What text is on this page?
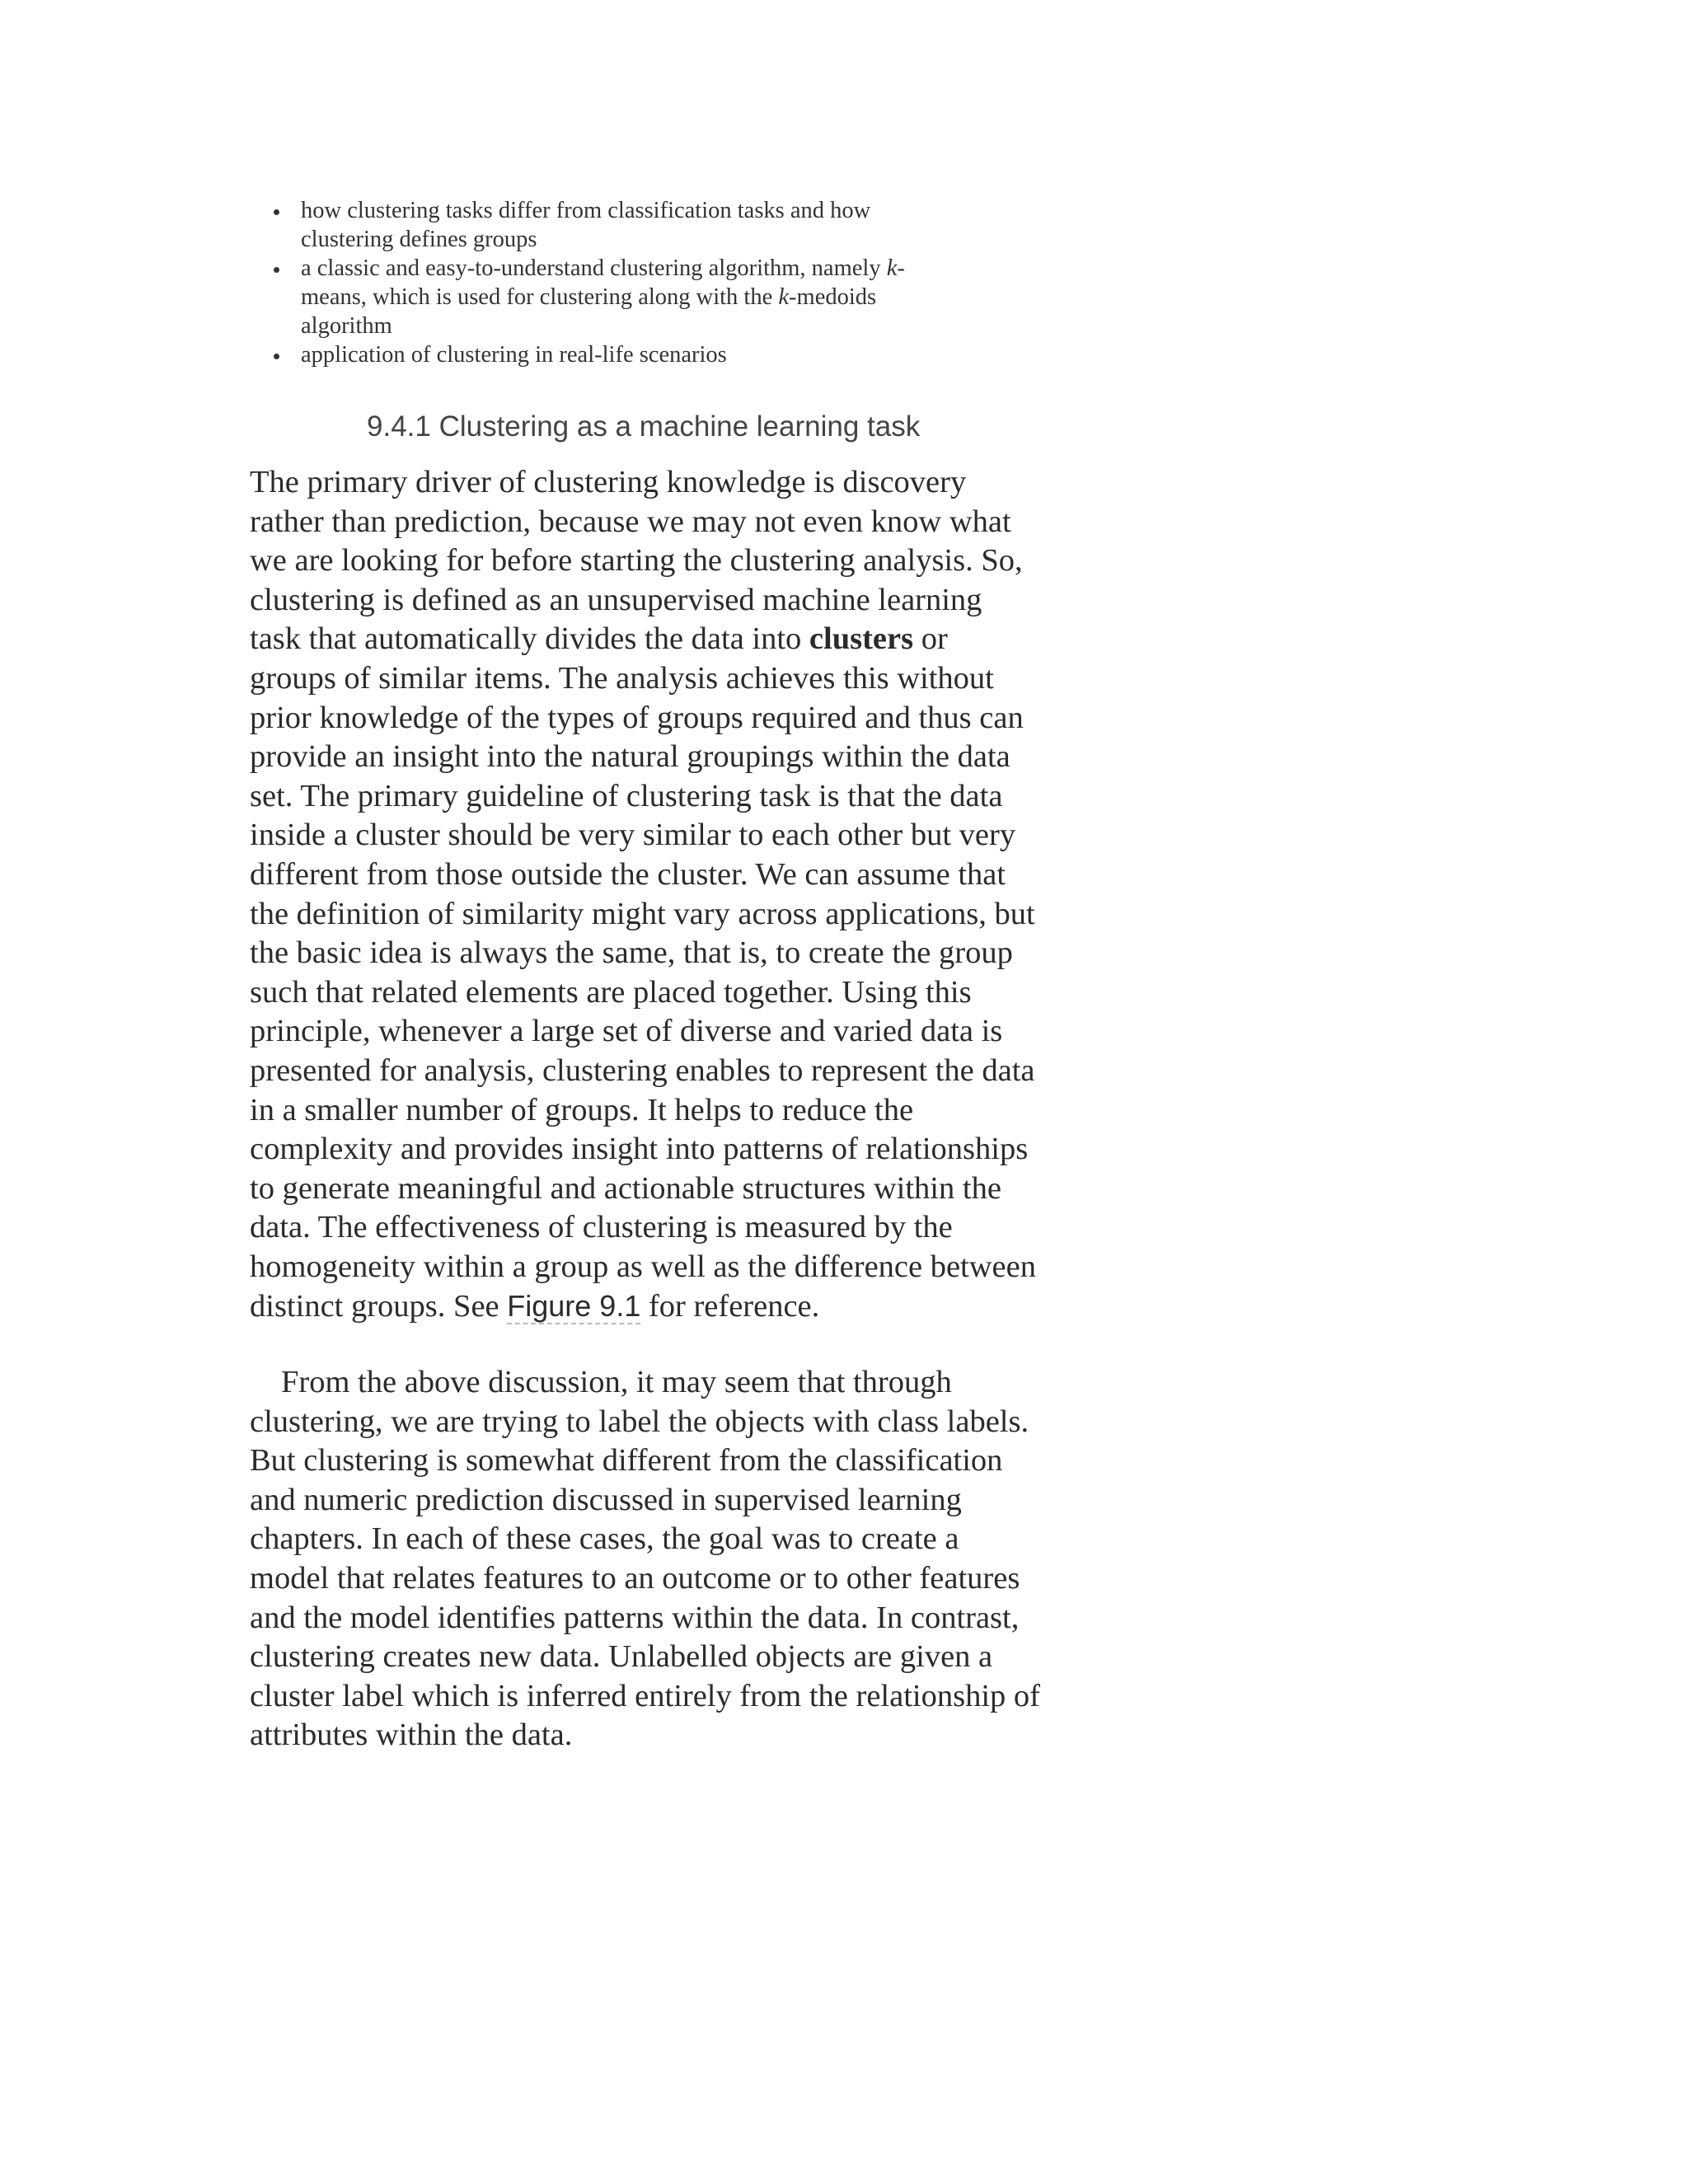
how clustering tasks differ from classification tasks and how
clustering defines groups
a classic and easy-to-understand clustering algorithm, namely k-
means, which is used for clustering along with the k-medoids
algorithm
application of clustering in real-life scenarios
9.4.1 Clustering as a machine learning task

The primary driver of clustering knowledge is discovery rather than prediction, because we may not even know what we are looking for before starting the clustering analysis. So, clustering is defined as an unsupervised machine learning task that automatically divides the data into clusters or groups of similar items. The analysis achieves this without prior knowledge of the types of groups required and thus can provide an insight into the natural groupings within the data set. The primary guideline of clustering task is that the data inside a cluster should be very similar to each other but very different from those outside the cluster. We can assume that the definition of similarity might vary across applications, but the basic idea is always the same, that is, to create the group such that related elements are placed together. Using this principle, whenever a large set of diverse and varied data is presented for analysis, clustering enables to represent the data in a smaller number of groups. It helps to reduce the complexity and provides insight into patterns of relationships to generate meaningful and actionable structures within the data. The effectiveness of clustering is measured by the homogeneity within a group as well as the difference between distinct groups. See Figure 9.1 for reference.

From the above discussion, it may seem that through clustering, we are trying to label the objects with class labels. But clustering is somewhat different from the classification and numeric prediction discussed in supervised learning chapters. In each of these cases, the goal was to create a model that relates features to an outcome or to other features and the model identifies patterns within the data. In contrast, clustering creates new data. Unlabelled objects are given a cluster label which is inferred entirely from the relationship of attributes within the data.
